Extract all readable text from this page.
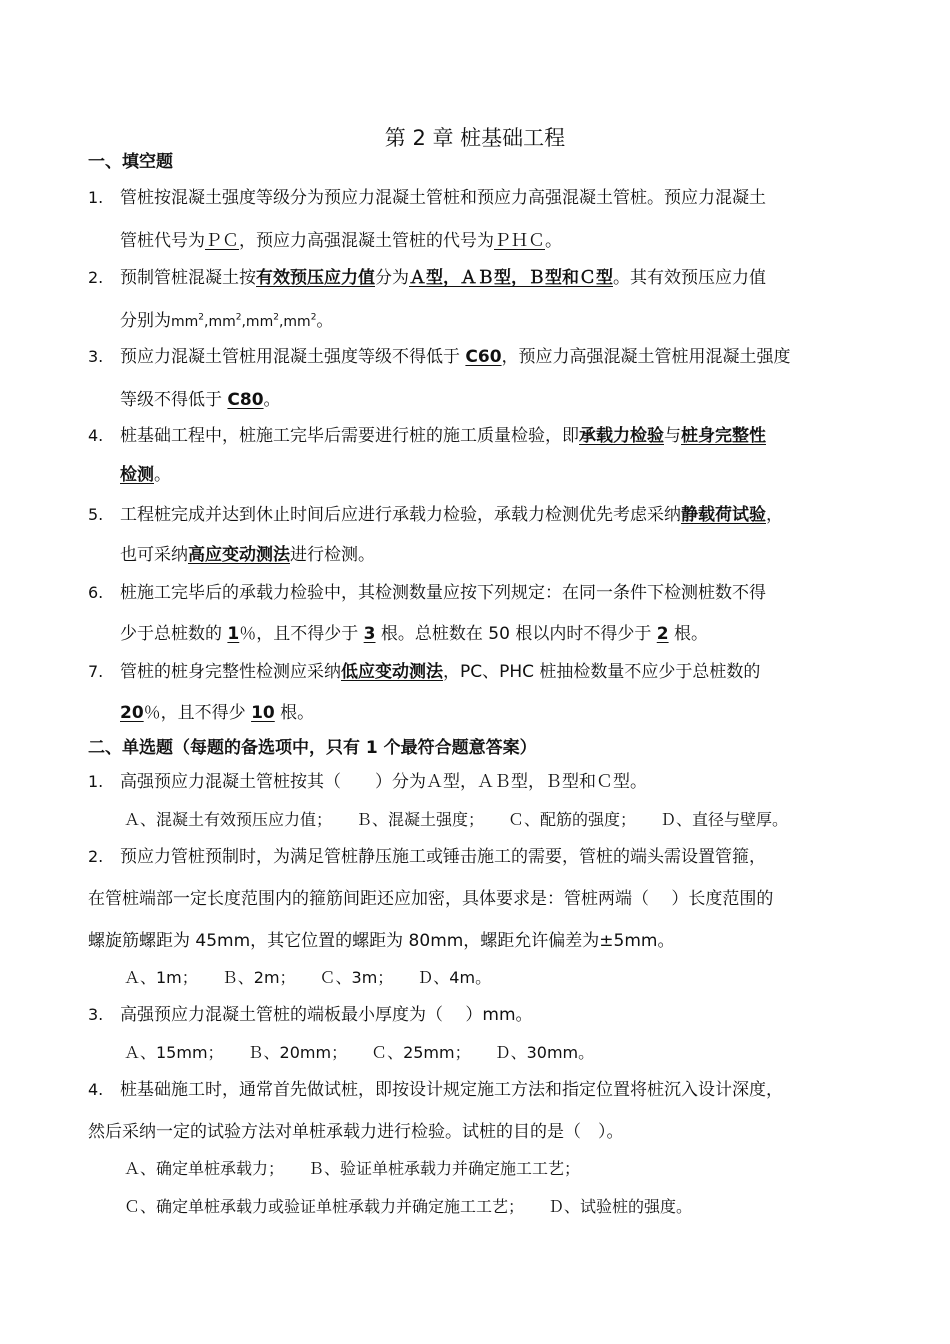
第 2 章 桩基础工程
一、填空题
1. 管桩按混凝土强度等级分为预应力混凝土管桩和预应力高强混凝土管桩。预应力混凝土
管桩代号为ＰＣ，预应力高强混凝土管桩的代号为ＰＨＣ。
2. 预制管桩混凝土按有效预压应力值分为Ａ型，ＡＢ型，Ｂ型和Ｃ型。其有效预压应力值
分别为$mm^2,mm^2,mm^2,mm^2$。
3. 预应力混凝土管桩用混凝土强度等级不得低于 C60，预应力高强混凝土管桩用混凝土强度
等级不得低于 C80。
4. 桩基础工程中，桩施工完毕后需要进行桩的施工质量检验，即承载力检验与桩身完整性
检测。
5. 工程桩完成并达到休止时间后应进行承载力检验，承载力检测优先考虑采纳静载荷试验，
也可采纳高应变动测法进行检测。
6. 桩施工完毕后的承载力检验中，其检测数量应按下列规定：在同一条件下检测桩数不得
少于总桩数的 1％，且不得少于 3 根。总桩数在 50 根以内时不得少于 2 根。
7. 管桩的桩身完整性检测应采纳低应变动测法，PC、PHC 桩抽检数量不应少于总桩数的
20％，且不得少 10 根。
二、单选题（每题的备选项中，只有 1 个最符合题意答案）
1. 高强预应力混凝土管桩按其（　　）分为Ａ型，ＡＢ型，Ｂ型和Ｃ型。
Ａ、混凝土有效预压应力值；　　Ｂ、混凝土强度；　　Ｃ、配筋的强度；　　Ｄ、直径与壁厚。
2. 预应力管桩预制时，为满足管桩静压施工或锤击施工的需要，管桩的端头需设置管箍，
在管桩端部一定长度范围内的箍筋间距还应加密，具体要求是：管桩两端（　 ）长度范围的
螺旋筋螺距为 45mm，其它位置的螺距为 80mm，螺距允许偏差为±5mm。
Ａ、1m；　　Ｂ、2m；　　Ｃ、3m；　　Ｄ、4m。
3. 高强预应力混凝土管桩的端板最小厚度为（　 ）mm。
Ａ、15mm；　　Ｂ、20mm；　　Ｃ、25mm；　　Ｄ、30mm。
4. 桩基础施工时，通常首先做试桩，即按设计规定施工方法和指定位置将桩沉入设计深度，
然后采纳一定的试验方法对单桩承载力进行检验。试桩的目的是（　）。
Ａ、确定单桩承载力；　　Ｂ、验证单桩承载力并确定施工工艺；
Ｃ、确定单桩承载力或验证单桩承载力并确定施工工艺；　　Ｄ、试验桩的强度。
